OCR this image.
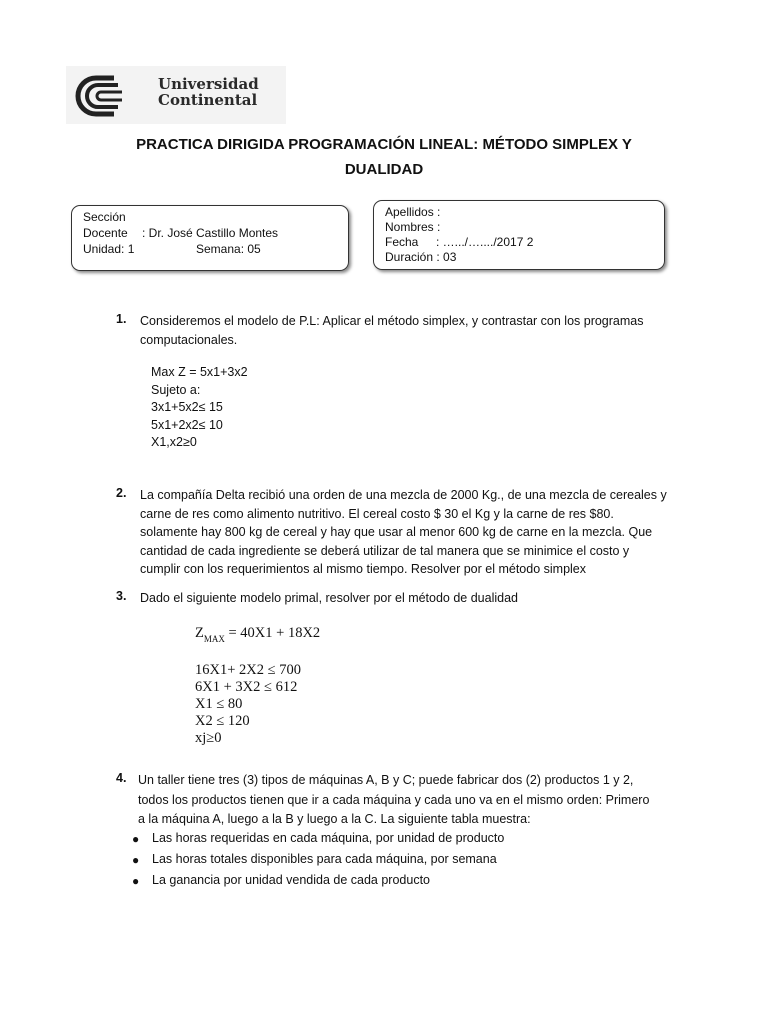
Universidad
Continental
PRACTICA DIRIGIDA PROGRAMACIÓN LINEAL: MÉTODO SIMPLEX Y
DUALIDAD
Sección
Docente : Dr. José Castillo Montes
Unidad: 1	Semana: 05
Apellidos :
Nombres :
Fecha : ….../…..../2017 2
Duración : 03
1. Consideremos el modelo de P.L: Aplicar el método simplex, y contrastar con los programas
computacionales.
Max Z = 5x1+3x2
Sujeto a:
3x1+5x2≤ 15
5x1+2x2≤ 10
X1,x2≥0
2. La compañía Delta recibió una orden de una mezcla de 2000 Kg., de una mezcla de cereales y
carne de res como alimento nutritivo. El cereal costo $ 30 el Kg y la carne de res $80.
solamente hay 800 kg de cereal y hay que usar al menor 600 kg de carne en la mezcla. Que
cantidad de cada ingrediente se deberá utilizar de tal manera que se minimice el costo y
cumplir con los requerimientos al mismo tiempo. Resolver por el método simplex
3. Dado el siguiente modelo primal, resolver por el método de dualidad
$Z_{MAX} = 40X1 + 18X2$
16X1+ 2X2 ≤ 700
6X1 + 3X2 ≤ 612
X1 ≤ 80
X2 ≤ 120
xj≥0
4. Un taller tiene tres (3) tipos de máquinas A, B y C; puede fabricar dos (2) productos 1 y 2,
todos los productos tienen que ir a cada máquina y cada uno va en el mismo orden: Primero
a la máquina A, luego a la B y luego a la C. La siguiente tabla muestra:
● Las horas requeridas en cada máquina, por unidad de producto
● Las horas totales disponibles para cada máquina, por semana
● La ganancia por unidad vendida de cada producto
